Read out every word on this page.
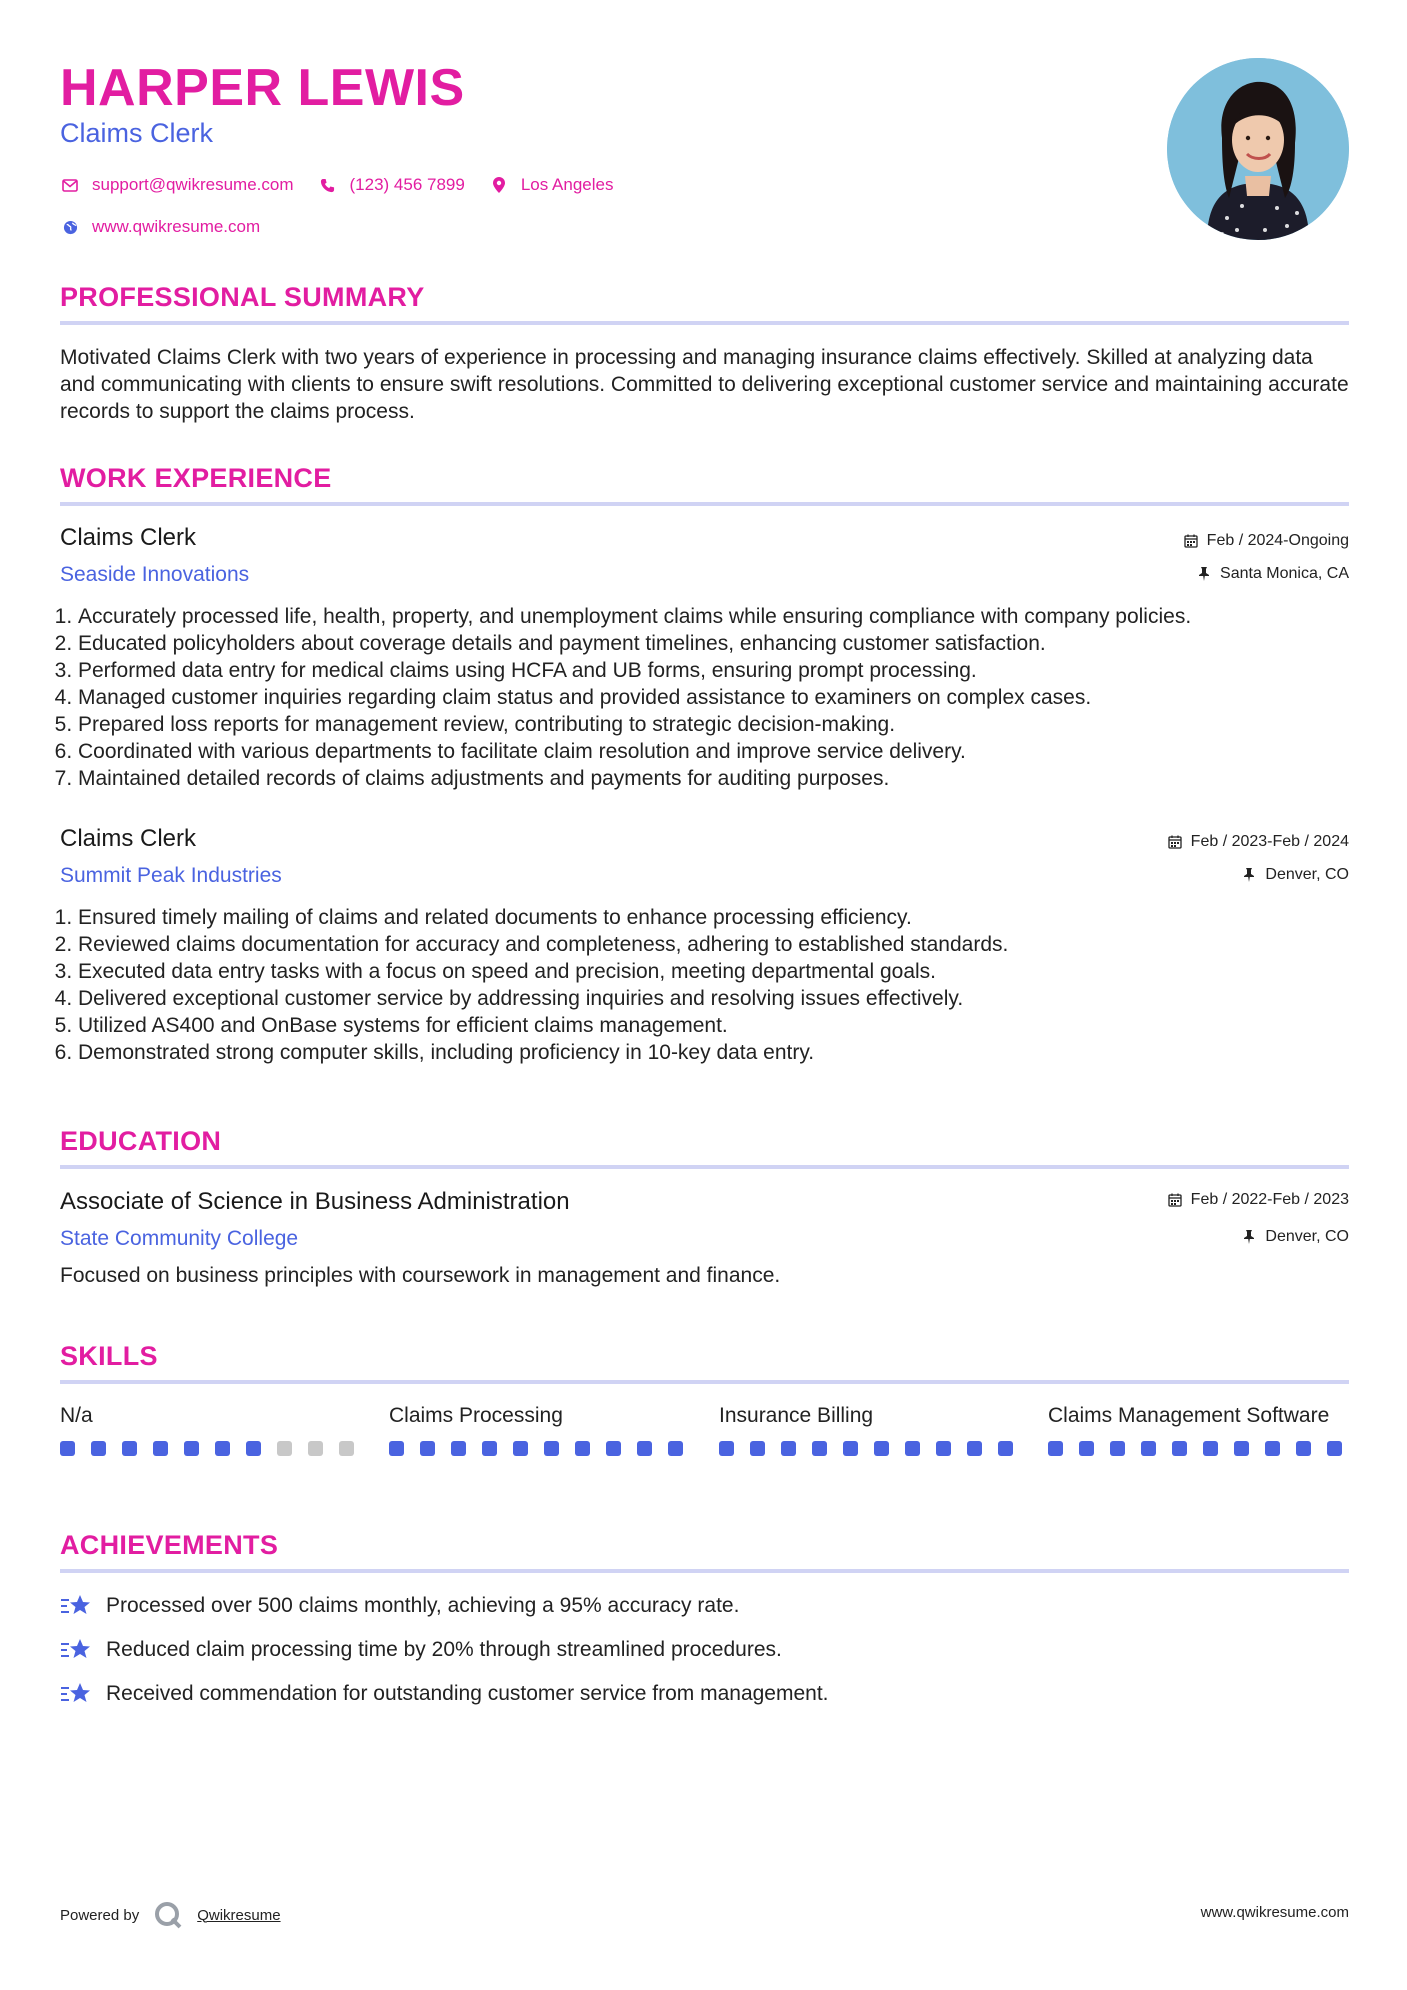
HARPER LEWIS
Claims Clerk
support@qwikresume.com	(123) 456 7899	Los Angeles
www.qwikresume.com
PROFESSIONAL SUMMARY
Motivated Claims Clerk with two years of experience in processing and managing insurance claims effectively. Skilled at analyzing data and communicating with clients to ensure swift resolutions. Committed to delivering exceptional customer service and maintaining accurate records to support the claims process.
WORK EXPERIENCE
Claims Clerk
Seaside Innovations
Feb / 2024-Ongoing
Santa Monica, CA
1. Accurately processed life, health, property, and unemployment claims while ensuring compliance with company policies.
2. Educated policyholders about coverage details and payment timelines, enhancing customer satisfaction.
3. Performed data entry for medical claims using HCFA and UB forms, ensuring prompt processing.
4. Managed customer inquiries regarding claim status and provided assistance to examiners on complex cases.
5. Prepared loss reports for management review, contributing to strategic decision-making.
6. Coordinated with various departments to facilitate claim resolution and improve service delivery.
7. Maintained detailed records of claims adjustments and payments for auditing purposes.
Claims Clerk
Summit Peak Industries
Feb / 2023-Feb / 2024
Denver, CO
1. Ensured timely mailing of claims and related documents to enhance processing efficiency.
2. Reviewed claims documentation for accuracy and completeness, adhering to established standards.
3. Executed data entry tasks with a focus on speed and precision, meeting departmental goals.
4. Delivered exceptional customer service by addressing inquiries and resolving issues effectively.
5. Utilized AS400 and OnBase systems for efficient claims management.
6. Demonstrated strong computer skills, including proficiency in 10-key data entry.
EDUCATION
Associate of Science in Business Administration
State Community College
Feb / 2022-Feb / 2023
Denver, CO
Focused on business principles with coursework in management and finance.
SKILLS
N/a	Claims Processing	Insurance Billing	Claims Management Software
ACHIEVEMENTS
Processed over 500 claims monthly, achieving a 95% accuracy rate.
Reduced claim processing time by 20% through streamlined procedures.
Received commendation for outstanding customer service from management.
Powered by	Qwikresume	www.qwikresume.com
